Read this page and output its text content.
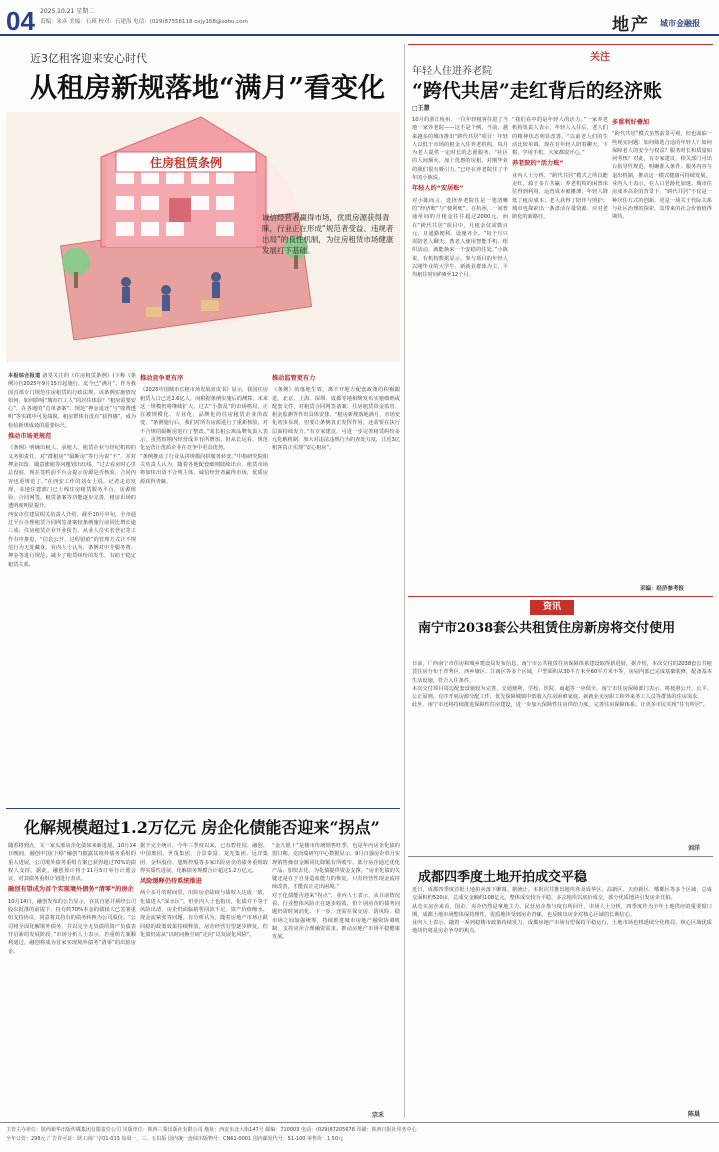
04 2025.10.21 星期二
责编：朱彦 美编：石瑛 校对：石建海 电话：(029)87558118 cxjy168@sohu.com	地产 城市金融报
近3亿租客迎来安心时代
从租房新规落地“满月”看变化
住房租赁条例
诚信经营者赢得市场，优质房源获得青睐，行业正在形成“规范者受益、违规者出局”的良性机制，为住房租赁市场健康发展打下基础。
本报综合报道 备受关注的《住房租赁条例》(下称《条例》)自2025年9月15日起施行，迄今已“满月”。作为我国首部专门规范住房租赁的行政法规，该条例实施情况如何，如何影响“城市打工人”的居住体验？“租房需要安心”，在各地的“首单备案”、规范“押金退还”与“收费透明”等实践中可见端倪。租房群体有没有“获得感”，成为检验新规成效的重要标尺。
推动市场更规范
《条例》明确出租人、承租人、租赁企业与经纪机构的义务和责任，对“群租房”“隔断房”等行为说“不”，并对押金扣留、随意涨租等问题划出红线。“过去看房时心里总没底，现在签约前平台会提示房源是否核验，合同内容也更规范了。”在西安工作的刘女士说。记者走访发现，多地住建部门已上线住房租赁服务平台，房源核验、合同网签、租赁备案等功能逐步完善，租房市场的透明度明显提升。
西安市住建局相关负责人介绍，截至10月中旬，全市通过平台办理租赁合同网签备案较条例施行前同比增长逾三成；住房租赁企业开业报告、从业人员实名登记等工作有序推进，“信息公开、过程留痕”的管理方式让不规范行为无处藏身。业内人士认为，条例对中介服务费、押金等进行规范，减少了租赁纠纷的发生，有助于稳定租赁关系。
推动竞争更有序
《2025中国城市长租市场发展蓝皮书》显示，我国住房租赁人口已近2.6亿人，而根据条例实施后的测算，未来这一规模仍将继续扩大。过去“小散乱”的市场格局，正在被规模化、专业化、品牌化的住房租赁企业所改变。“条例施行后，我们对所有房源进行了重新核验，对不合规的隔断房进行了整改。”某长租公寓品牌负责人表示，虽然短期内经营成本有所增加，但从长远看，规范化运营让优质企业在竞争中更具优势。
“条例推动了行业从拼规模向拼服务转变。”中指研究院相关负责人认为，随着各地配套细则陆续出台，租赁市场将加快出清不合规主体，诚信经营者赢得市场，优质房源获得青睐。
推动监管更有力
《条例》的落地生效，离不开地方配套政策的积极跟进。北京、上海、深圳、成都等地相继发布实施细则或配套文件，对租赁合同网签备案、住房租赁资金监管、租金监测等作出具体安排。“租房新规落地满月，市场变化初步显现，但要让条例真正发挥作用，还需要在执行层面持续发力。”有专家建议，可进一步完善租赁纠纷多元化解机制，加大对违法违规行为的查处力度，让近3亿租客真正实现“安心租房”。
化解规模超过1.2万亿元 房企化债能否迎来“拐点”
随着将到点，又一家头部房企化债如来新进展。10月14日晚间，融创中国(下称“融创”)披露其境外债务重组的重大进展，公司境外债务重组方案已获得超过70%的债权人支持。据此，融创预计将于11月5日举行计划会议，对其债务重组计划进行表决。
融创有望成为首个实现境外债务“清零”的房企
10月14日，融创发布的公告显示，在其自愿并须经公司股东批准的前提下，持有约70%本金的债权人已签署重组支持协议，同意将其持有的债务转换为公司股份。“公司将全面化解境外债务，并以完全无负债的资产负债表开启新的发展阶段。”市场分析人士表示，若重组方案顺利通过，融创将成为首家实现境外债务“清零”的出险房企。
据不完全统计，今年三季度以来，已有碧桂园、融创、中国奥园、世茂集团、合景泰富、龙光集团、远洋集团、金科股份、旭辉控股等多家出险房企的债务重组取得实质性进展，化解债务规模合计超过1.2万亿元。
风险缓释仍待系统推进
两个多月的时间里，出险房企陆续与债权人达成一致，化债进入“深水区”。但业内人士也指出，化债并不等于风险出清，房企仍面临销售回款不足、资产价值缩水、现金流紧张等问题。有分析认为，随着房地产市场止跌回稳的政策效果持续释放，房企经营有望逐步修复，但化债仍需从“以时间换空间”走向“以发展化风险”。
“金九银十”是楼市传统销售旺季，也是年内房企化债的窗口期。克而瑞研究中心数据显示，9月百强房企单月实现销售操盘金额同比降幅有所收窄，部分房企通过优化产品、加快去化，为化债提供资金支撑。“房企化债的关键还是在于自身造血能力的恢复，只有经营性现金流持续改善，才能真正走出困境。”
对于化债能否迎来“拐点”，业内人士表示，从目前情况看，行业整体风险正在逐步收敛，但个别房企的债务问题仍需时间消化。下一步，还需在保交房、防风险、稳市场之间加强统筹，持续推进城市房地产融资协调机制，支持房企合理融资需求，推动房地产市场平稳健康发展。
宗禾
关注
年轻人住进养老院
“跨代共居”走红背后的经济账
□王慧
10月的浙江杭州，一位年轻租客住进了当地一家养老院——这不是个例。当前，越来越多的城市推出“跨代共居”项目：年轻人以低于市场的租金入住养老机构，每月为老人提供一定时长的志愿服务。“社区的人间烟火，加上优惠的房租，对刚毕业的我们很有吸引力。”已经在养老院住了半年的小陈说。
年轻人的“安居账”
对小陈而言，选择养老院住是一笔清晰的“经济账”与“便利账”。在杭州，一间普通单间的月租金往往超过2000元，而在“跨代共居”项目中，月租金仅需数百元，且通勤便利、设施齐全。“每个月只需陪老人聊天、教老人使用智能手机、组织活动，就能换来一个安稳的住处。”小陈说。有机构数据显示，参与项目的年轻人以刚毕业的大学生、新就业群体为主，平均租住时间约6至12个月。
“我们看中的是年轻人的活力。”一家养老机构负责人表示，年轻人入住后，老人们的精神状态明显改善。“以前老人们的生活比较单调，现在有年轻人陪着聊天、下棋、学用手机，大家都很开心。”
养老院的“活力账”
业内人士分析，“跨代共居”模式之所以能走红，源于多方共赢：养老机构的闲置床位得到利用、运营成本被摊薄；年轻人降低了租房成本；老人获得了陪伴与照护；城市也探索出一条盘活存量资源、应对老龄化的新路径。
多重利好叠加
“跨代共居”模式虽然前景可观，但也面临一些现实问题：如何筛选合适的年轻人？如何保障老人的安全与权益？服务时长和质量如何考核？对此，有专家建议，相关部门可出台指导性规范，明确准入条件、服务内容与退出机制，推动这一模式健康可持续发展。
业内人士表示，在人口老龄化加速、城市住房成本高企的背景下，“跨代共居”不仅是一种居住方式的创新，更是一场关于代际关系与社区治理的探索，其带来的社会价值值得期待。
采编：经济参考报
资讯
南宁市2038套公共租赁住房新房将交付使用
日前，广西南宁市住房和城乡建设局发布信息，南宁市公共租赁住房保障体系建设取得新进展。据介绍，本次交付的2038套公共租赁住房分布于青秀区、西乡塘区、江南区等多个区域，户型面积从30平方米至60平方米不等，房屋内部已完成基础装修，配备基本生活设施，符合入住条件。
本次交付项目周边配套设施较为完善，交通便利，学校、医院、商超等一应俱全。南宁市住房保障部门表示，将按照公开、公平、公正原则，有序开展房源分配工作，优先保障城镇中低收入住房困难家庭、新就业无房职工和外来务工人员等群体的住房需求。
此外，南宁市还将持续推进保障性住房建设，进一步加大保障性住房供给力度，完善住房保障体系，让更多市民实现“住有所居”。
刘洋
成都四季度土地开拍成交平稳
近日，成都四季度首批土地拍卖落下帷幕。据统计，本批次共推出地块涉及成华区、高新区、天府新区、郫都区等多个区域，总成交面积约520亩，总成交金额约108亿元，整体成交较为平稳，多宗地块以底价成交，部分优质地块引发房企竞拍。
从竞买房企来看，国企、央企仍然是拿地主力，民营房企参与度有所回升。市场人士分析，四季度作为全年土地供应的重要窗口期，成都土地市场整体保持理性，优质地块受到房企青睐，也反映出房企对核心区域的长期信心。
业内人士表示，随着一系列稳楼市政策持续发力，成都房地产市场有望保持平稳运行，土地市场也将延续分化格局，核心区域优质地块仍将是房企争夺的焦点。
陈晨
主管主办单位：陕西新华出版传媒集团有限责任公司 出版单位：陕西三秦出版社有限公司 地址：西安市北大街147号 邮编：710003 电话：(029)87205678 印刷：陕西日报社印务中心
全年订价：298元 广告许可证：陕工商广字01-013 每周一、三、五出版 国内统一连续出版物号：CN61-0001 国内邮发代号：51-100 零售价：1.50元
